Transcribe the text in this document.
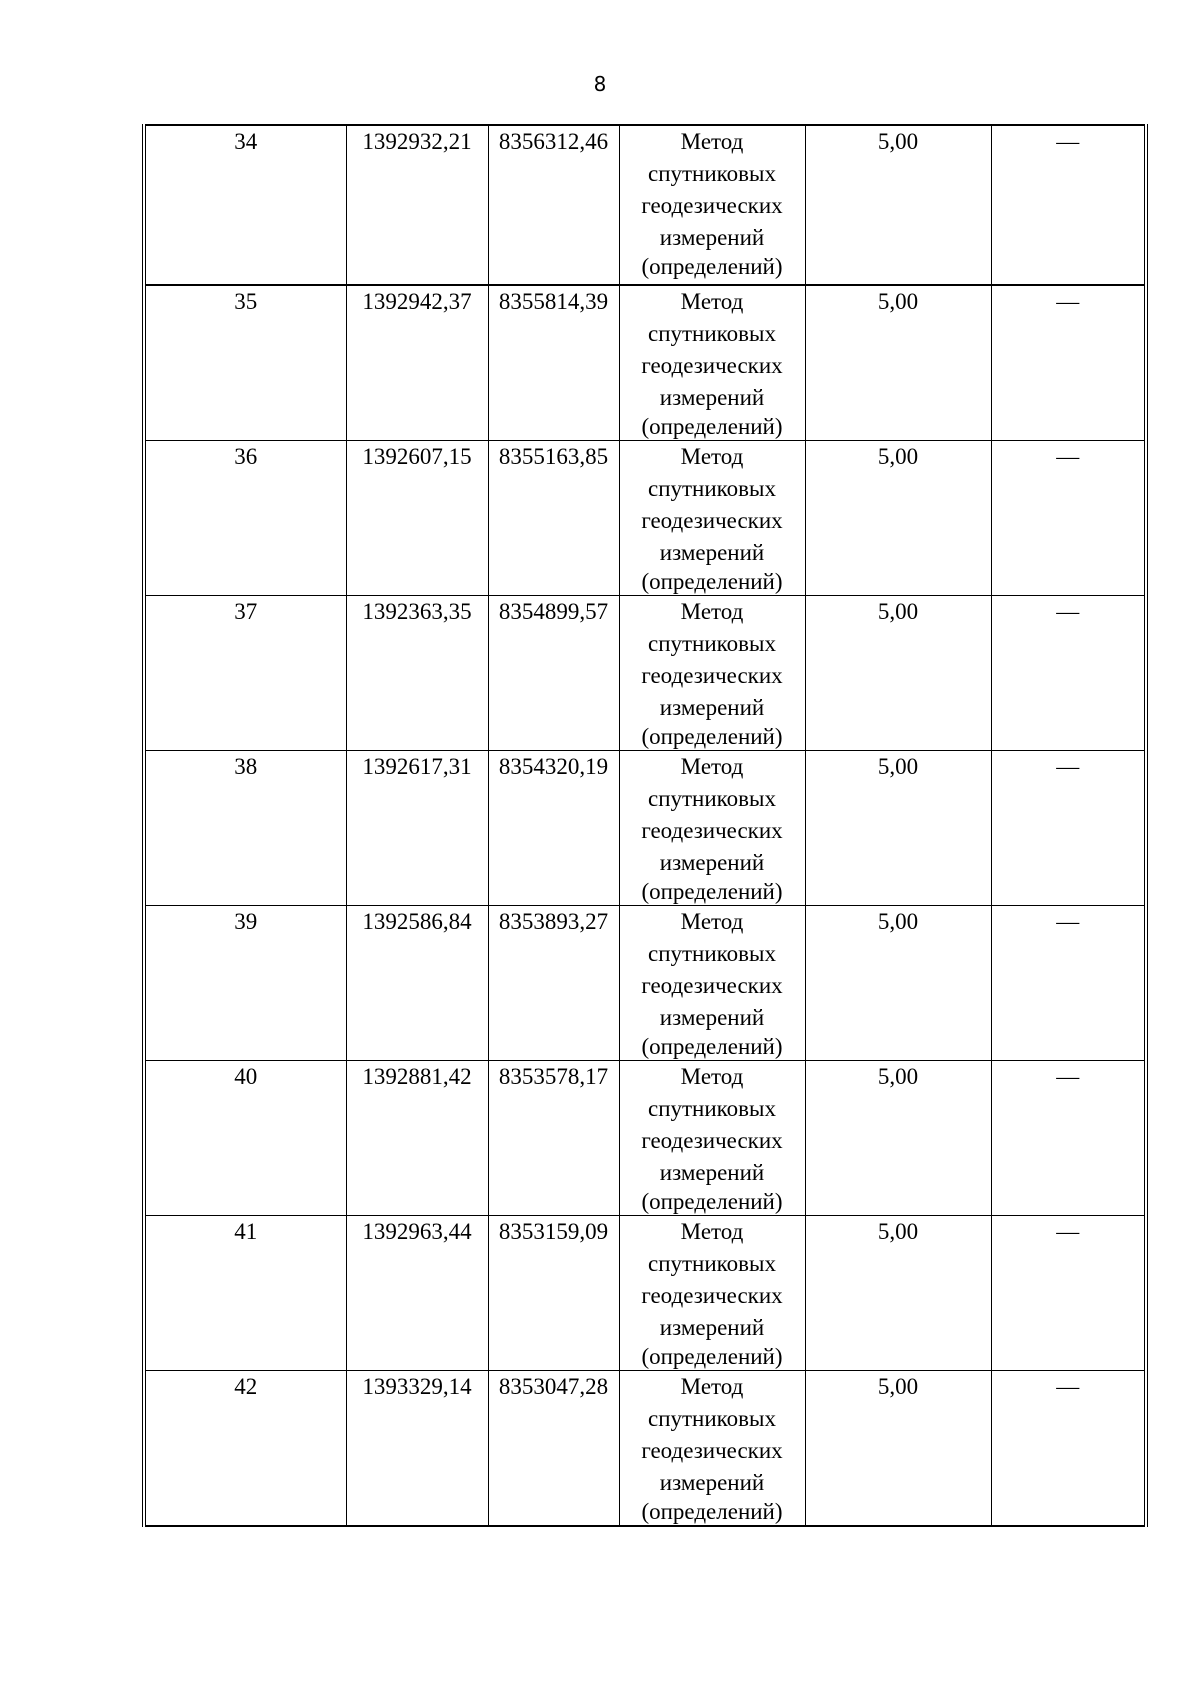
8
34	1392932,21	8356312,46	Метод
спутниковых
геодезических
измерений
(определений)	5,00	—
35	1392942,37	8355814,39	Метод
спутниковых
геодезических
измерений
(определений)	5,00	—
36	1392607,15	8355163,85	Метод
спутниковых
геодезических
измерений
(определений)	5,00	—
37	1392363,35	8354899,57	Метод
спутниковых
геодезических
измерений
(определений)	5,00	—
38	1392617,31	8354320,19	Метод
спутниковых
геодезических
измерений
(определений)	5,00	—
39	1392586,84	8353893,27	Метод
спутниковых
геодезических
измерений
(определений)	5,00	—
40	1392881,42	8353578,17	Метод
спутниковых
геодезических
измерений
(определений)	5,00	—
41	1392963,44	8353159,09	Метод
спутниковых
геодезических
измерений
(определений)	5,00	—
42	1393329,14	8353047,28	Метод
спутниковых
геодезических
измерений
(определений)	5,00	—
